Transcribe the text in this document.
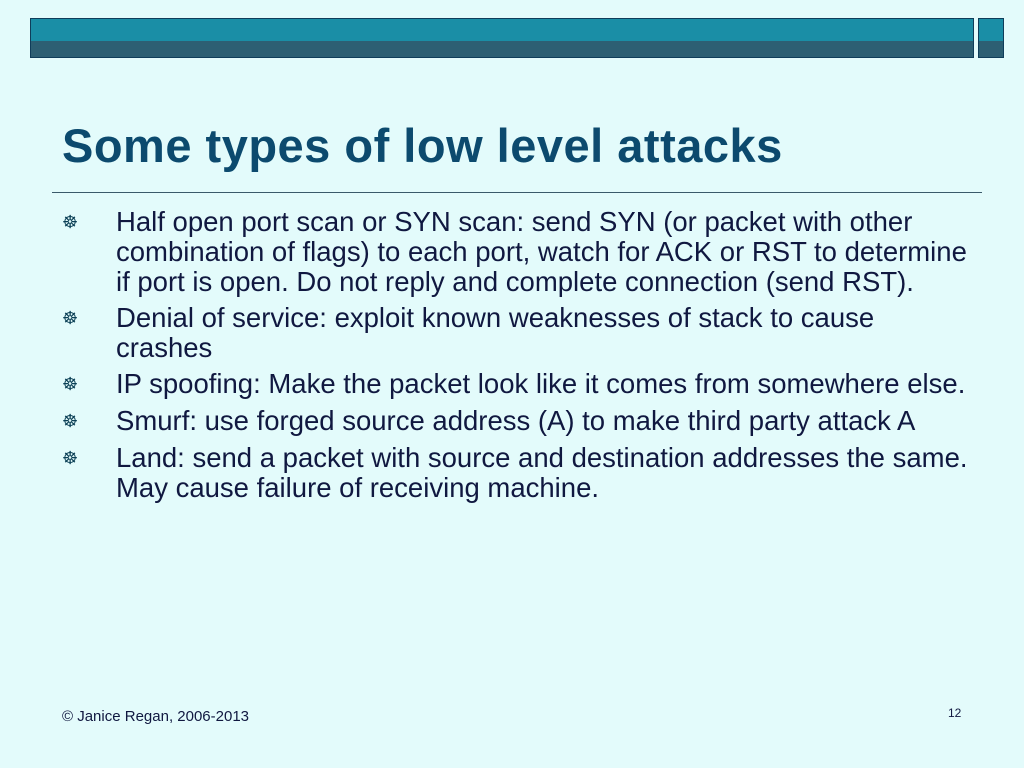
Some types of low level attacks
☸	Half open port scan or SYN scan: send SYN (or packet with other combination of flags) to each port, watch for ACK or RST to determine if port is open. Do not reply and complete connection (send RST).
☸	Denial of service: exploit known weaknesses of stack to cause crashes
☸	IP spoofing: Make the packet look like it comes from somewhere else.
☸	Smurf: use forged source address (A) to make third party attack A
☸	Land: send a packet with source and destination addresses the same. May cause failure of receiving machine.
© Janice Regan, 2006-2013	12
